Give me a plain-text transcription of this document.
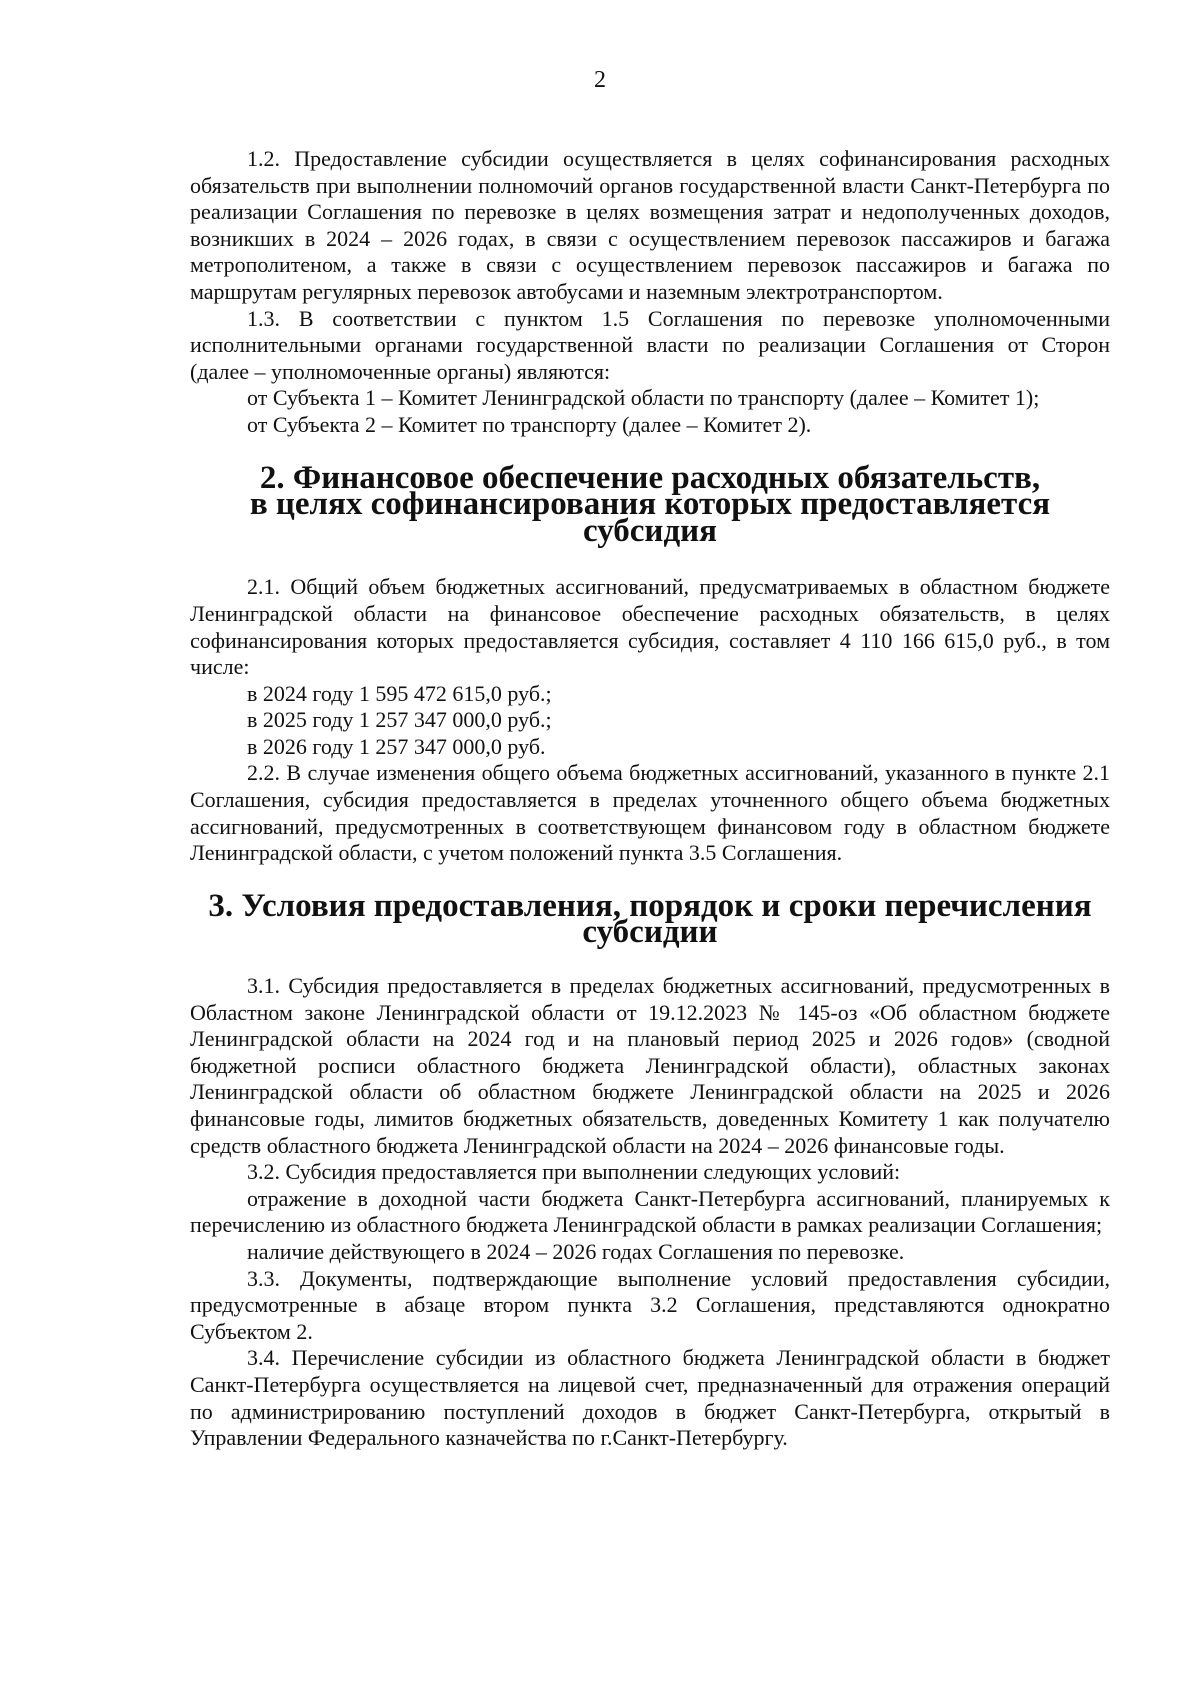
2

1.2. Предоставление субсидии осуществляется в целях софинансирования расходных обязательств при выполнении полномочий органов государственной власти Санкт-Петербурга по реализации Соглашения по перевозке в целях возмещения затрат и недополученных доходов, возникших в 2024 – 2026 годах, в связи с осуществлением перевозок пассажиров и багажа метрополитеном, а также в связи с осуществлением перевозок пассажиров и багажа по маршрутам регулярных перевозок автобусами и наземным электротранспортом.

1.3. В соответствии с пунктом 1.5 Соглашения по перевозке уполномоченными исполнительными органами государственной власти по реализации Соглашения от Сторон (далее – уполномоченные органы) являются:

от Субъекта 1 – Комитет Ленинградской области по транспорту (далее – Комитет 1);

от Субъекта 2 – Комитет по транспорту (далее – Комитет 2).

2. Финансовое обеспечение расходных обязательств,
в целях софинансирования которых предоставляется субсидия

2.1. Общий объем бюджетных ассигнований, предусматриваемых в областном бюджете Ленинградской области на финансовое обеспечение расходных обязательств, в целях софинансирования которых предоставляется субсидия, составляет 4 110 166 615,0 руб., в том числе:

в 2024 году 1 595 472 615,0 руб.;

в 2025 году 1 257 347 000,0 руб.;

в 2026 году 1 257 347 000,0 руб.

2.2. В случае изменения общего объема бюджетных ассигнований, указанного в пункте 2.1 Соглашения, субсидия предоставляется в пределах уточненного общего объема бюджетных ассигнований, предусмотренных в соответствующем финансовом году в областном бюджете Ленинградской области, с учетом положений пункта 3.5 Соглашения.

3. Условия предоставления, порядок и сроки перечисления субсидии

3.1. Субсидия предоставляется в пределах бюджетных ассигнований, предусмотренных в Областном законе Ленинградской области от 19.12.2023 № 145-оз «Об областном бюджете Ленинградской области на 2024 год и на плановый период 2025 и 2026 годов» (сводной бюджетной росписи областного бюджета Ленинградской области), областных законах Ленинградской области об областном бюджете Ленинградской области на 2025 и 2026 финансовые годы, лимитов бюджетных обязательств, доведенных Комитету 1 как получателю средств областного бюджета Ленинградской области на 2024 – 2026 финансовые годы.

3.2. Субсидия предоставляется при выполнении следующих условий:

отражение в доходной части бюджета Санкт-Петербурга ассигнований, планируемых к перечислению из областного бюджета Ленинградской области в рамках реализации Соглашения;

наличие действующего в 2024 – 2026 годах Соглашения по перевозке.

3.3. Документы, подтверждающие выполнение условий предоставления субсидии, предусмотренные в абзаце втором пункта 3.2 Соглашения, представляются однократно Субъектом 2.

3.4. Перечисление субсидии из областного бюджета Ленинградской области в бюджет Санкт-Петербурга осуществляется на лицевой счет, предназначенный для отражения операций по администрированию поступлений доходов в бюджет Санкт-Петербурга, открытый в Управлении Федерального казначейства по г.Санкт-Петербургу.
